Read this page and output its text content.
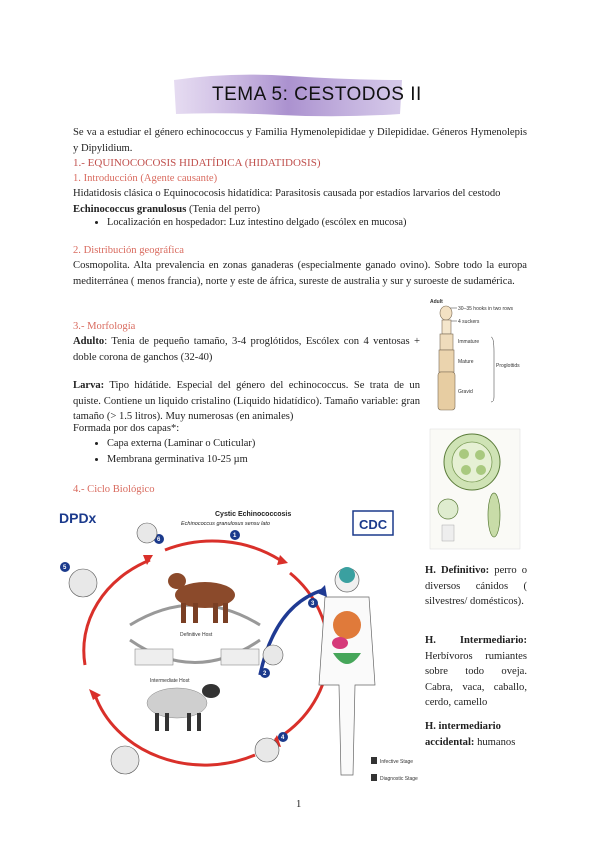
TEMA 5: CESTODOS II
Se va a estudiar el género echinococcus y Familia Hymenolepididae y Dilepididae. Géneros Hymenolepis y Dipylidium.
1.- EQUINOCOCOSIS HIDATÍDICA (HIDATIDOSIS)
1. Introducción (Agente causante)
Hidatidosis clásica o Equinococosis hidatídica: Parasitosis causada por estadíos larvarios del cestodo Echinococcus granulosus (Tenia del perro)
• Localización en hospedador: Luz intestino delgado (escólex en mucosa)
2. Distribución geográfica
Cosmopolita. Alta prevalencia en zonas ganaderas (especialmente ganado ovino). Sobre todo la europa mediterránea ( menos francia), norte y este de áfrica, sureste de australia y sur y suroeste de sudamérica.
3.- Morfología
Adulto: Tenia de pequeño tamaño, 3-4 proglótidos, Escólex con 4 ventosas + doble corona de ganchos (32-40)
Larva: Tipo hidátide. Especial del género del echinococcus. Se trata de un quiste. Contiene un liquido cristalino (Liquido hidatídico). Tamaño variable: gran tamaño (> 1.5 litros). Muy numerosas (en animales)
Formada por dos capas*:
• Capa externa (Laminar o Cuticular)
• Membrana germinativa 10-25 µm
4.- Ciclo Biológico
Adult
30–35 hooks in two rows
4 suckers
Immature
Mature
Gravid
Proglottids
DPDx	CDC
Cystic Echinococcosis
Echinococcus granulosus sensu lato
Definitive Host
Intermediate Host
1
2
3
4
5
6
Infective Stage
Diagnostic Stage
H. Definitivo: perro o diversos cánidos ( silvestres/ domésticos).
H. Intermediario: Herbívoros rumiantes sobre todo oveja. Cabra, vaca, caballo, cerdo, camello
H. intermediario accidental: humanos
1
